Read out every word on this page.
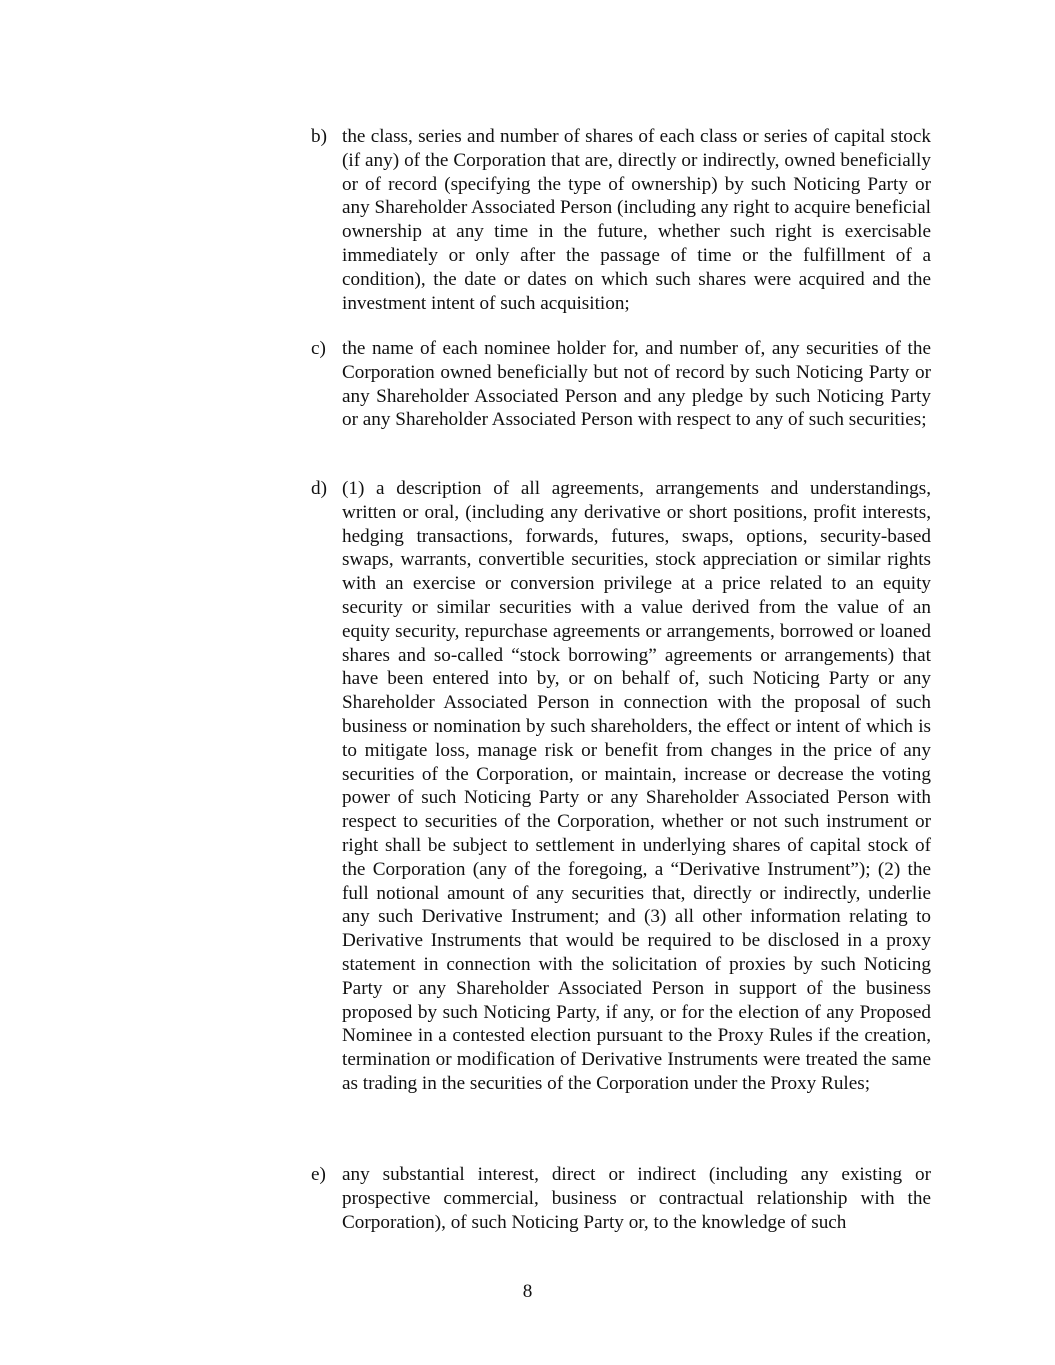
b) the class, series and number of shares of each class or series of capital stock (if any) of the Corporation that are, directly or indirectly, owned beneficially or of record (specifying the type of ownership) by such Noticing Party or any Shareholder Associated Person (including any right to acquire beneficial ownership at any time in the future, whether such right is exercisable immediately or only after the passage of time or the fulfillment of a condition), the date or dates on which such shares were acquired and the investment intent of such acquisition;
c) the name of each nominee holder for, and number of, any securities of the Corporation owned beneficially but not of record by such Noticing Party or any Shareholder Associated Person and any pledge by such Noticing Party or any Shareholder Associated Person with respect to any of such securities;
d) (1) a description of all agreements, arrangements and understandings, written or oral, (including any derivative or short positions, profit interests, hedging transactions, forwards, futures, swaps, options, security-based swaps, warrants, convertible securities, stock appreciation or similar rights with an exercise or conversion privilege at a price related to an equity security or similar securities with a value derived from the value of an equity security, repurchase agreements or arrangements, borrowed or loaned shares and so-called “stock borrowing” agreements or arrangements) that have been entered into by, or on behalf of, such Noticing Party or any Shareholder Associated Person in connection with the proposal of such business or nomination by such shareholders, the effect or intent of which is to mitigate loss, manage risk or benefit from changes in the price of any securities of the Corporation, or maintain, increase or decrease the voting power of such Noticing Party or any Shareholder Associated Person with respect to securities of the Corporation, whether or not such instrument or right shall be subject to settlement in underlying shares of capital stock of the Corporation (any of the foregoing, a “Derivative Instrument”); (2) the full notional amount of any securities that, directly or indirectly, underlie any such Derivative Instrument; and (3) all other information relating to Derivative Instruments that would be required to be disclosed in a proxy statement in connection with the solicitation of proxies by such Noticing Party or any Shareholder Associated Person in support of the business proposed by such Noticing Party, if any, or for the election of any Proposed Nominee in a contested election pursuant to the Proxy Rules if the creation, termination or modification of Derivative Instruments were treated the same as trading in the securities of the Corporation under the Proxy Rules;
e) any substantial interest, direct or indirect (including any existing or prospective commercial, business or contractual relationship with the Corporation), of such Noticing Party or, to the knowledge of such
8
